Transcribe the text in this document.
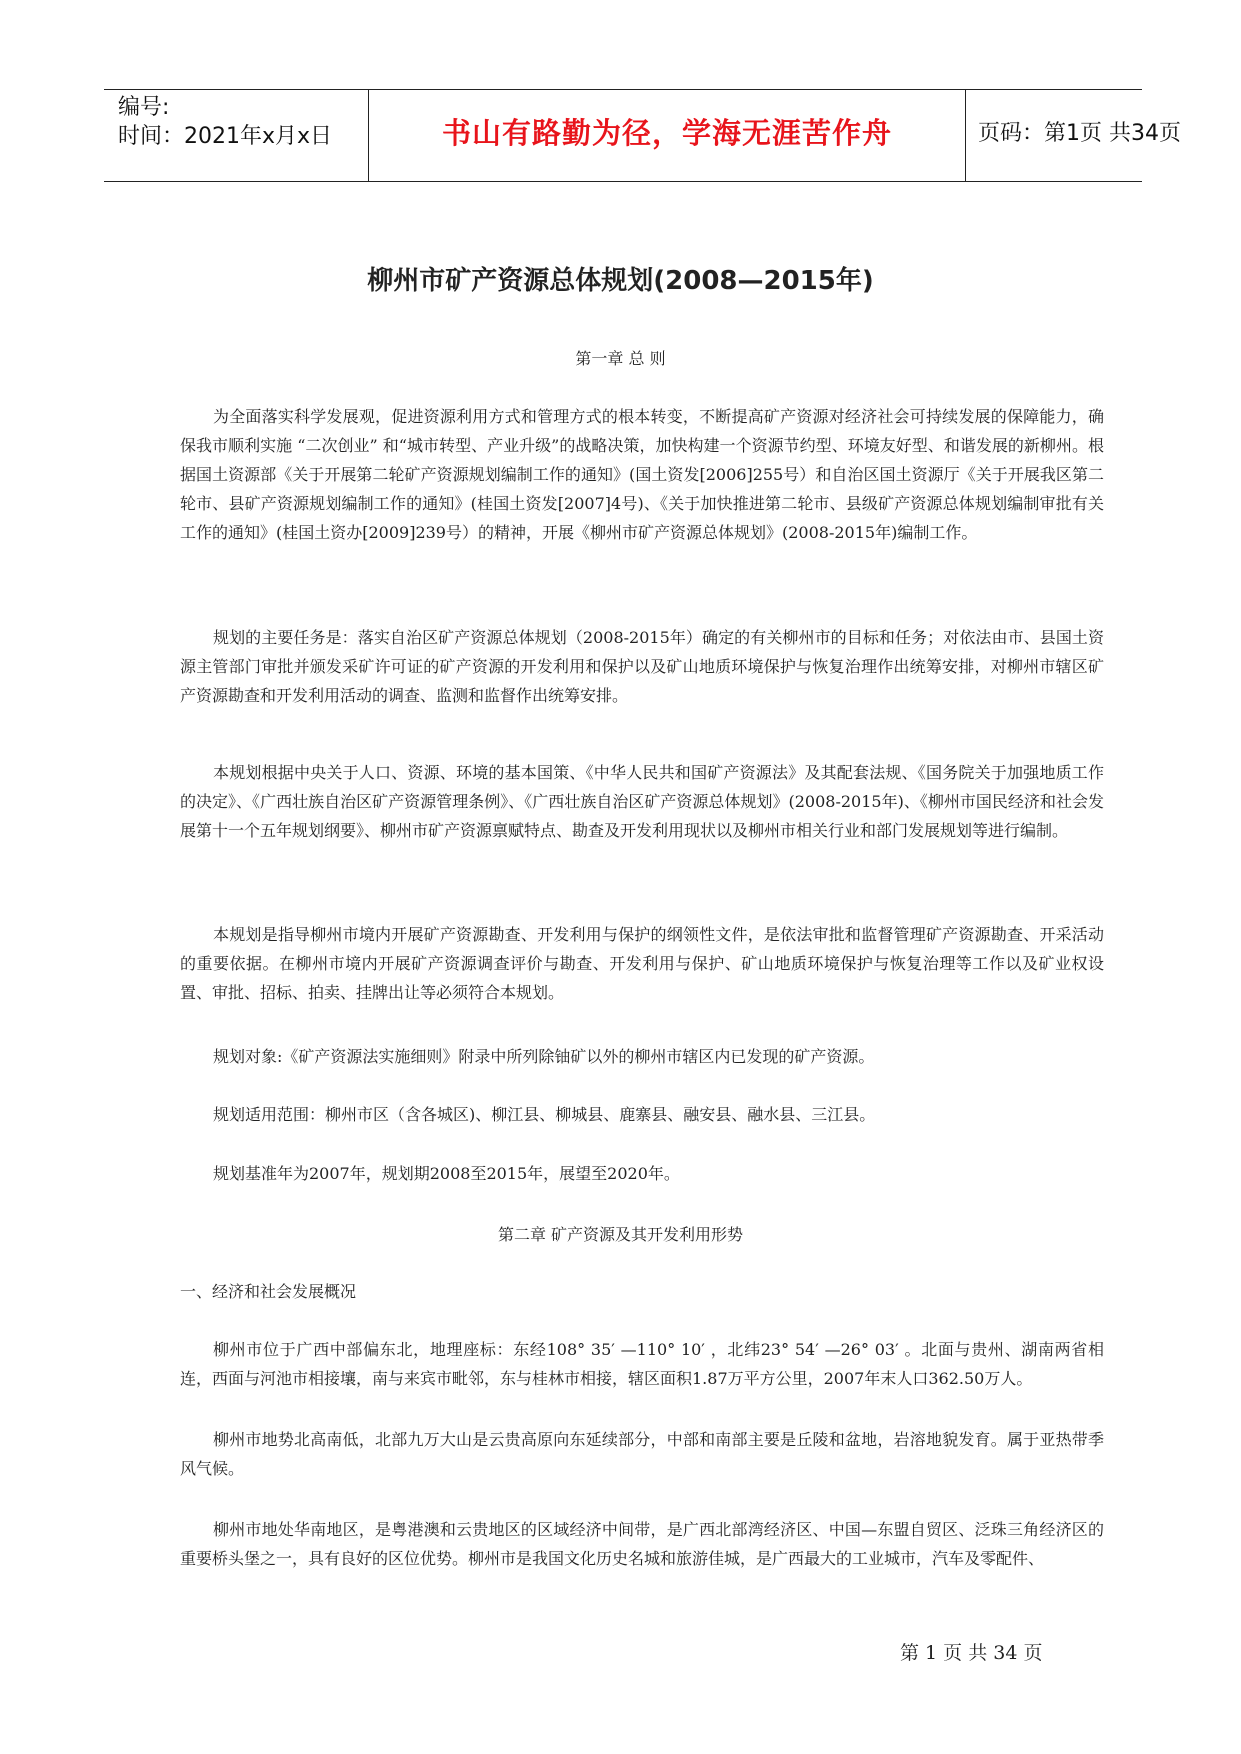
编号:
时间：2021年x月x日	书山有路勤为径，学海无涯苦作舟	页码：第1页 共34页
柳州市矿产资源总体规划(2008—2015年)
第一章 总 则
为全面落实科学发展观，促进资源利用方式和管理方式的根本转变，不断提高矿产资源对经济社会可持续发展的保障能力，确保我市顺利实施 “二次创业” 和“城市转型、产业升级”的战略决策，加快构建一个资源节约型、环境友好型、和谐发展的新柳州。根据国土资源部《关于开展第二轮矿产资源规划编制工作的通知》(国土资发[2006]255号）和自治区国土资源厅《关于开展我区第二轮市、县矿产资源规划编制工作的通知》(桂国土资发[2007]4号)、《关于加快推进第二轮市、县级矿产资源总体规划编制审批有关工作的通知》(桂国土资办[2009]239号）的精神，开展《柳州市矿产资源总体规划》(2008-2015年)编制工作。
规划的主要任务是：落实自治区矿产资源总体规划（2008-2015年）确定的有关柳州市的目标和任务；对依法由市、县国土资源主管部门审批并颁发采矿许可证的矿产资源的开发利用和保护以及矿山地质环境保护与恢复治理作出统筹安排，对柳州市辖区矿产资源勘查和开发利用活动的调查、监测和监督作出统筹安排。
本规划根据中央关于人口、资源、环境的基本国策、《中华人民共和国矿产资源法》及其配套法规、《国务院关于加强地质工作的决定》、《广西壮族自治区矿产资源管理条例》、《广西壮族自治区矿产资源总体规划》(2008-2015年)、《柳州市国民经济和社会发展第十一个五年规划纲要》、柳州市矿产资源禀赋特点、勘查及开发利用现状以及柳州市相关行业和部门发展规划等进行编制。
本规划是指导柳州市境内开展矿产资源勘查、开发利用与保护的纲领性文件，是依法审批和监督管理矿产资源勘查、开采活动的重要依据。在柳州市境内开展矿产资源调查评价与勘查、开发利用与保护、矿山地质环境保护与恢复治理等工作以及矿业权设置、审批、招标、拍卖、挂牌出让等必须符合本规划。
规划对象:《矿产资源法实施细则》附录中所列除铀矿以外的柳州市辖区内已发现的矿产资源。
规划适用范围：柳州市区（含各城区)、柳江县、柳城县、鹿寨县、融安县、融水县、三江县。
规划基准年为2007年，规划期2008至2015年，展望至2020年。
第二章 矿产资源及其开发利用形势
一、经济和社会发展概况
柳州市位于广西中部偏东北，地理座标：东经108° 35′ —110° 10′ ，北纬23° 54′ —26° 03′ 。北面与贵州、湖南两省相连，西面与河池市相接壤，南与来宾市毗邻，东与桂林市相接，辖区面积1.87万平方公里，2007年末人口362.50万人。
柳州市地势北高南低，北部九万大山是云贵高原向东延续部分，中部和南部主要是丘陵和盆地，岩溶地貌发育。属于亚热带季风气候。
柳州市地处华南地区，是粤港澳和云贵地区的区域经济中间带，是广西北部湾经济区、中国—东盟自贸区、泛珠三角经济区的重要桥头堡之一，具有良好的区位优势。柳州市是我国文化历史名城和旅游佳城，是广西最大的工业城市，汽车及零配件、
第 1 页 共 34 页
